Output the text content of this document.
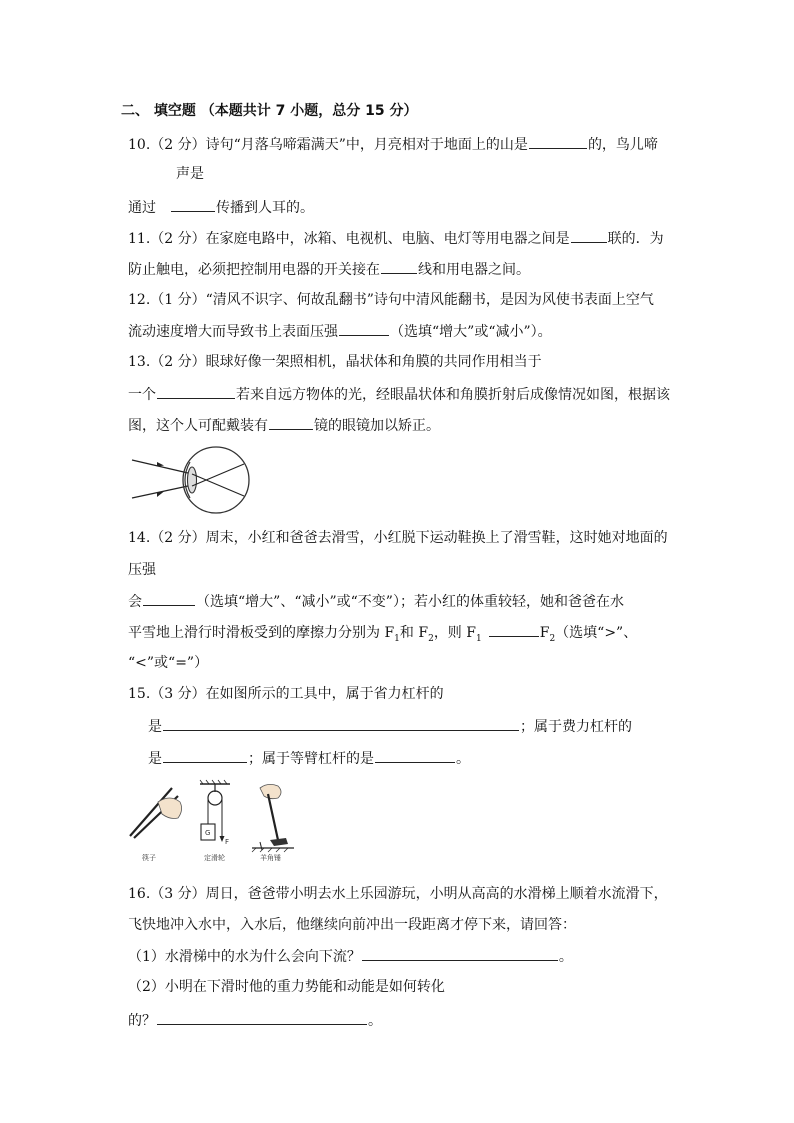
二、 填空题 （本题共计 7 小题，总分 15 分）
10.（2 分）诗句“月落乌啼霜满天”中，月亮相对于地面上的山是	的，鸟儿啼
声是
通过	传播到人耳的。
11.（2 分）在家庭电路中，冰箱、电视机、电脑、电灯等用电器之间是	联的．为
防止触电，必须把控制用电器的开关接在	线和用电器之间。
12.（1 分）“清风不识字、何故乱翻书”诗句中清风能翻书，是因为风使书表面上空气
流动速度增大而导致书上表面压强	（选填“增大”或“减小”）。
13.（2 分）眼球好像一架照相机，晶状体和角膜的共同作用相当于
一个	若来自远方物体的光，经眼晶状体和角膜折射后成像情况如图，根据该
图，这个人可配戴装有	镜的眼镜加以矫正。
14.（2 分）周末，小红和爸爸去滑雪，小红脱下运动鞋换上了滑雪鞋，这时她对地面的
压强
会	（选填“增大”、“减小”或“不变”）；若小红的体重较轻，她和爸爸在水
平雪地上滑行时滑板受到的摩擦力分别为 $F_1$和 $F_2$，则 $F_1$	$F_2$（选填“>”、
“<”或“=”）
15.（3 分）在如图所示的工具中，属于省力杠杆的
是	；属于费力杠杆的
是	；属于等臂杠杆的是	。
筷子
G
F
定滑轮	羊角锤
16.（3 分）周日，爸爸带小明去水上乐园游玩，小明从高高的水滑梯上顺着水流滑下，
飞快地冲入水中，入水后，他继续向前冲出一段距离才停下来，请回答：
（1）水滑梯中的水为什么会向下流？	。
（2）小明在下滑时他的重力势能和动能是如何转化
的？	。
